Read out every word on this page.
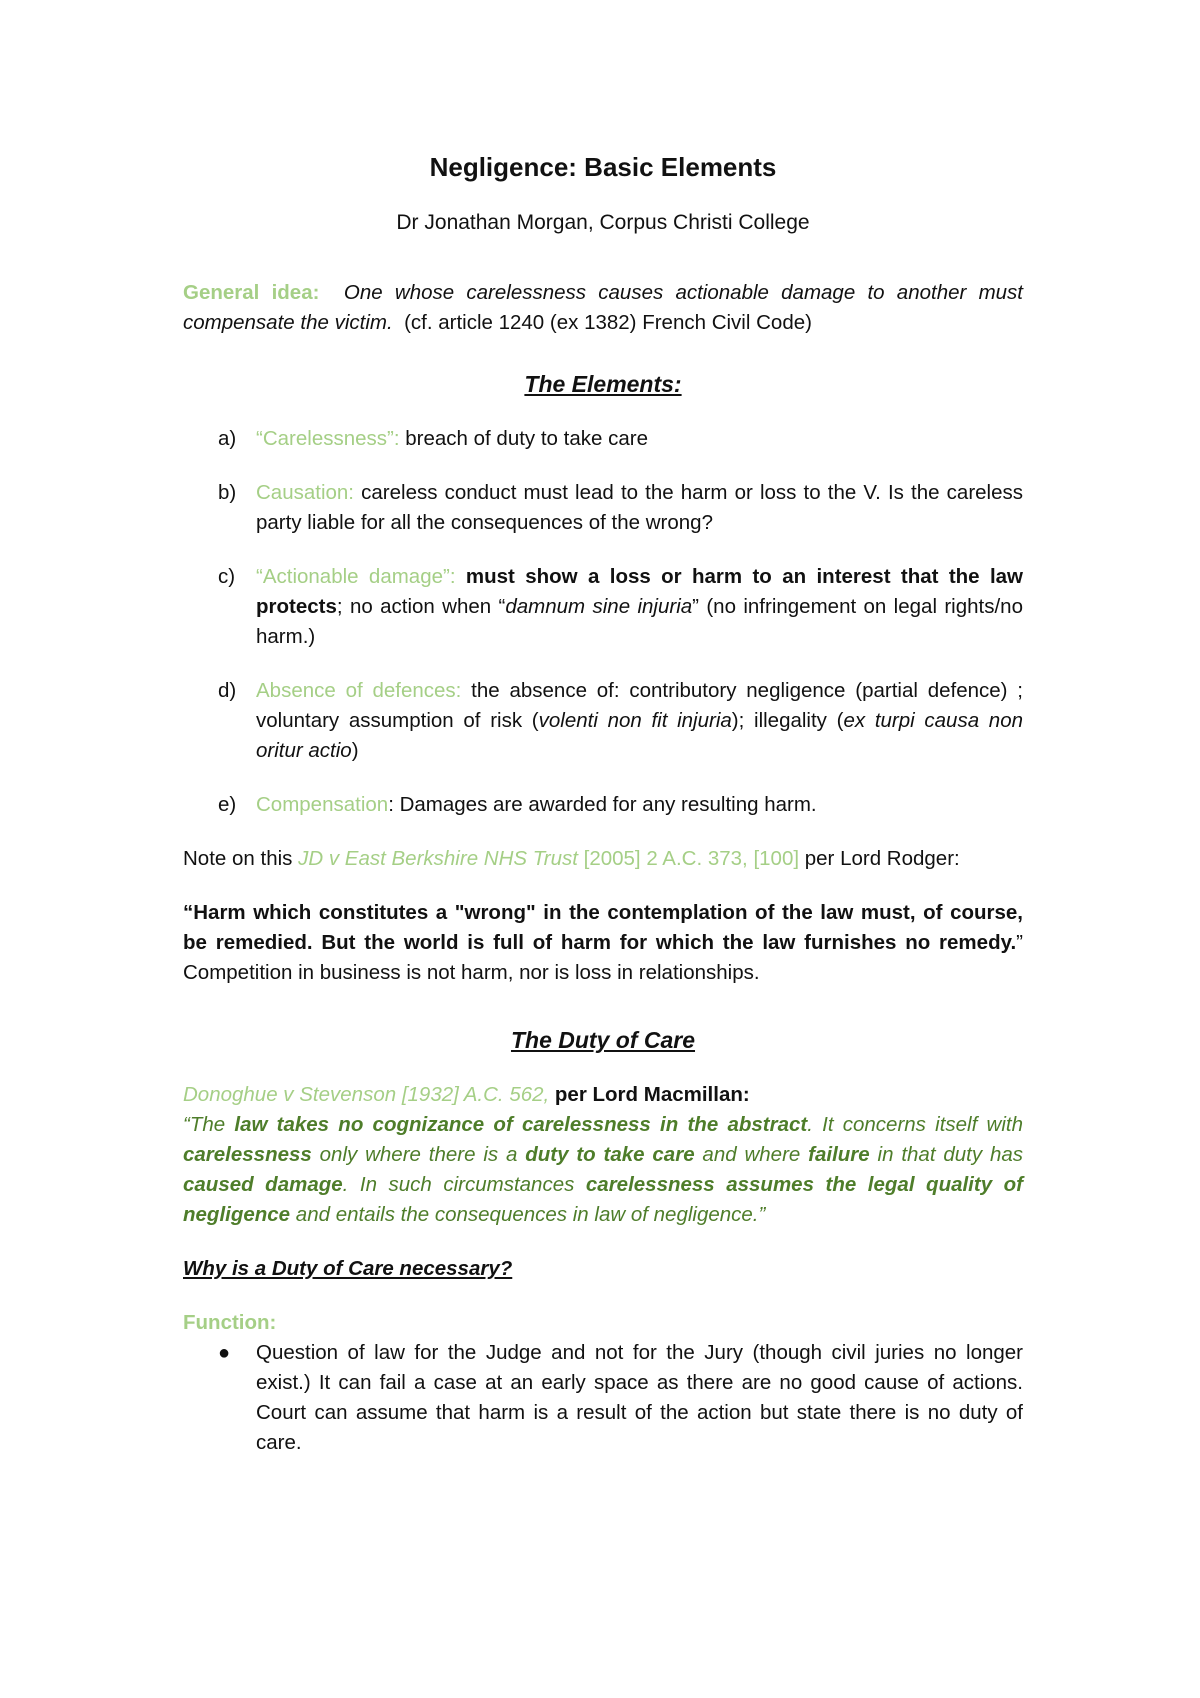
Negligence: Basic Elements

Dr Jonathan Morgan, Corpus Christi College

General idea: One whose carelessness causes actionable damage to another must compensate the victim. (cf. article 1240 (ex 1382) French Civil Code)

The Elements:

a) “Carelessness”: breach of duty to take care
b) Causation: careless conduct must lead to the harm or loss to the V. Is the careless party liable for all the consequences of the wrong?
c) “Actionable damage”: must show a loss or harm to an interest that the law protects; no action when “damnum sine injuria” (no infringement on legal rights/no harm.)
d) Absence of defences: the absence of: contributory negligence (partial defence) ; voluntary assumption of risk (volenti non fit injuria); illegality (ex turpi causa non oritur actio)
e) Compensation: Damages are awarded for any resulting harm.

Note on this JD v East Berkshire NHS Trust [2005] 2 A.C. 373, [100] per Lord Rodger:

“Harm which constitutes a "wrong" in the contemplation of the law must, of course, be remedied. But the world is full of harm for which the law furnishes no remedy.” Competition in business is not harm, nor is loss in relationships.

The Duty of Care

Donoghue v Stevenson [1932] A.C. 562, per Lord Macmillan:
“The law takes no cognizance of carelessness in the abstract. It concerns itself with carelessness only where there is a duty to take care and where failure in that duty has caused damage. In such circumstances carelessness assumes the legal quality of negligence and entails the consequences in law of negligence.”

Why is a Duty of Care necessary?

Function:

● Question of law for the Judge and not for the Jury (though civil juries no longer exist.) It can fail a case at an early space as there are no good cause of actions. Court can assume that harm is a result of the action but state there is no duty of care.
